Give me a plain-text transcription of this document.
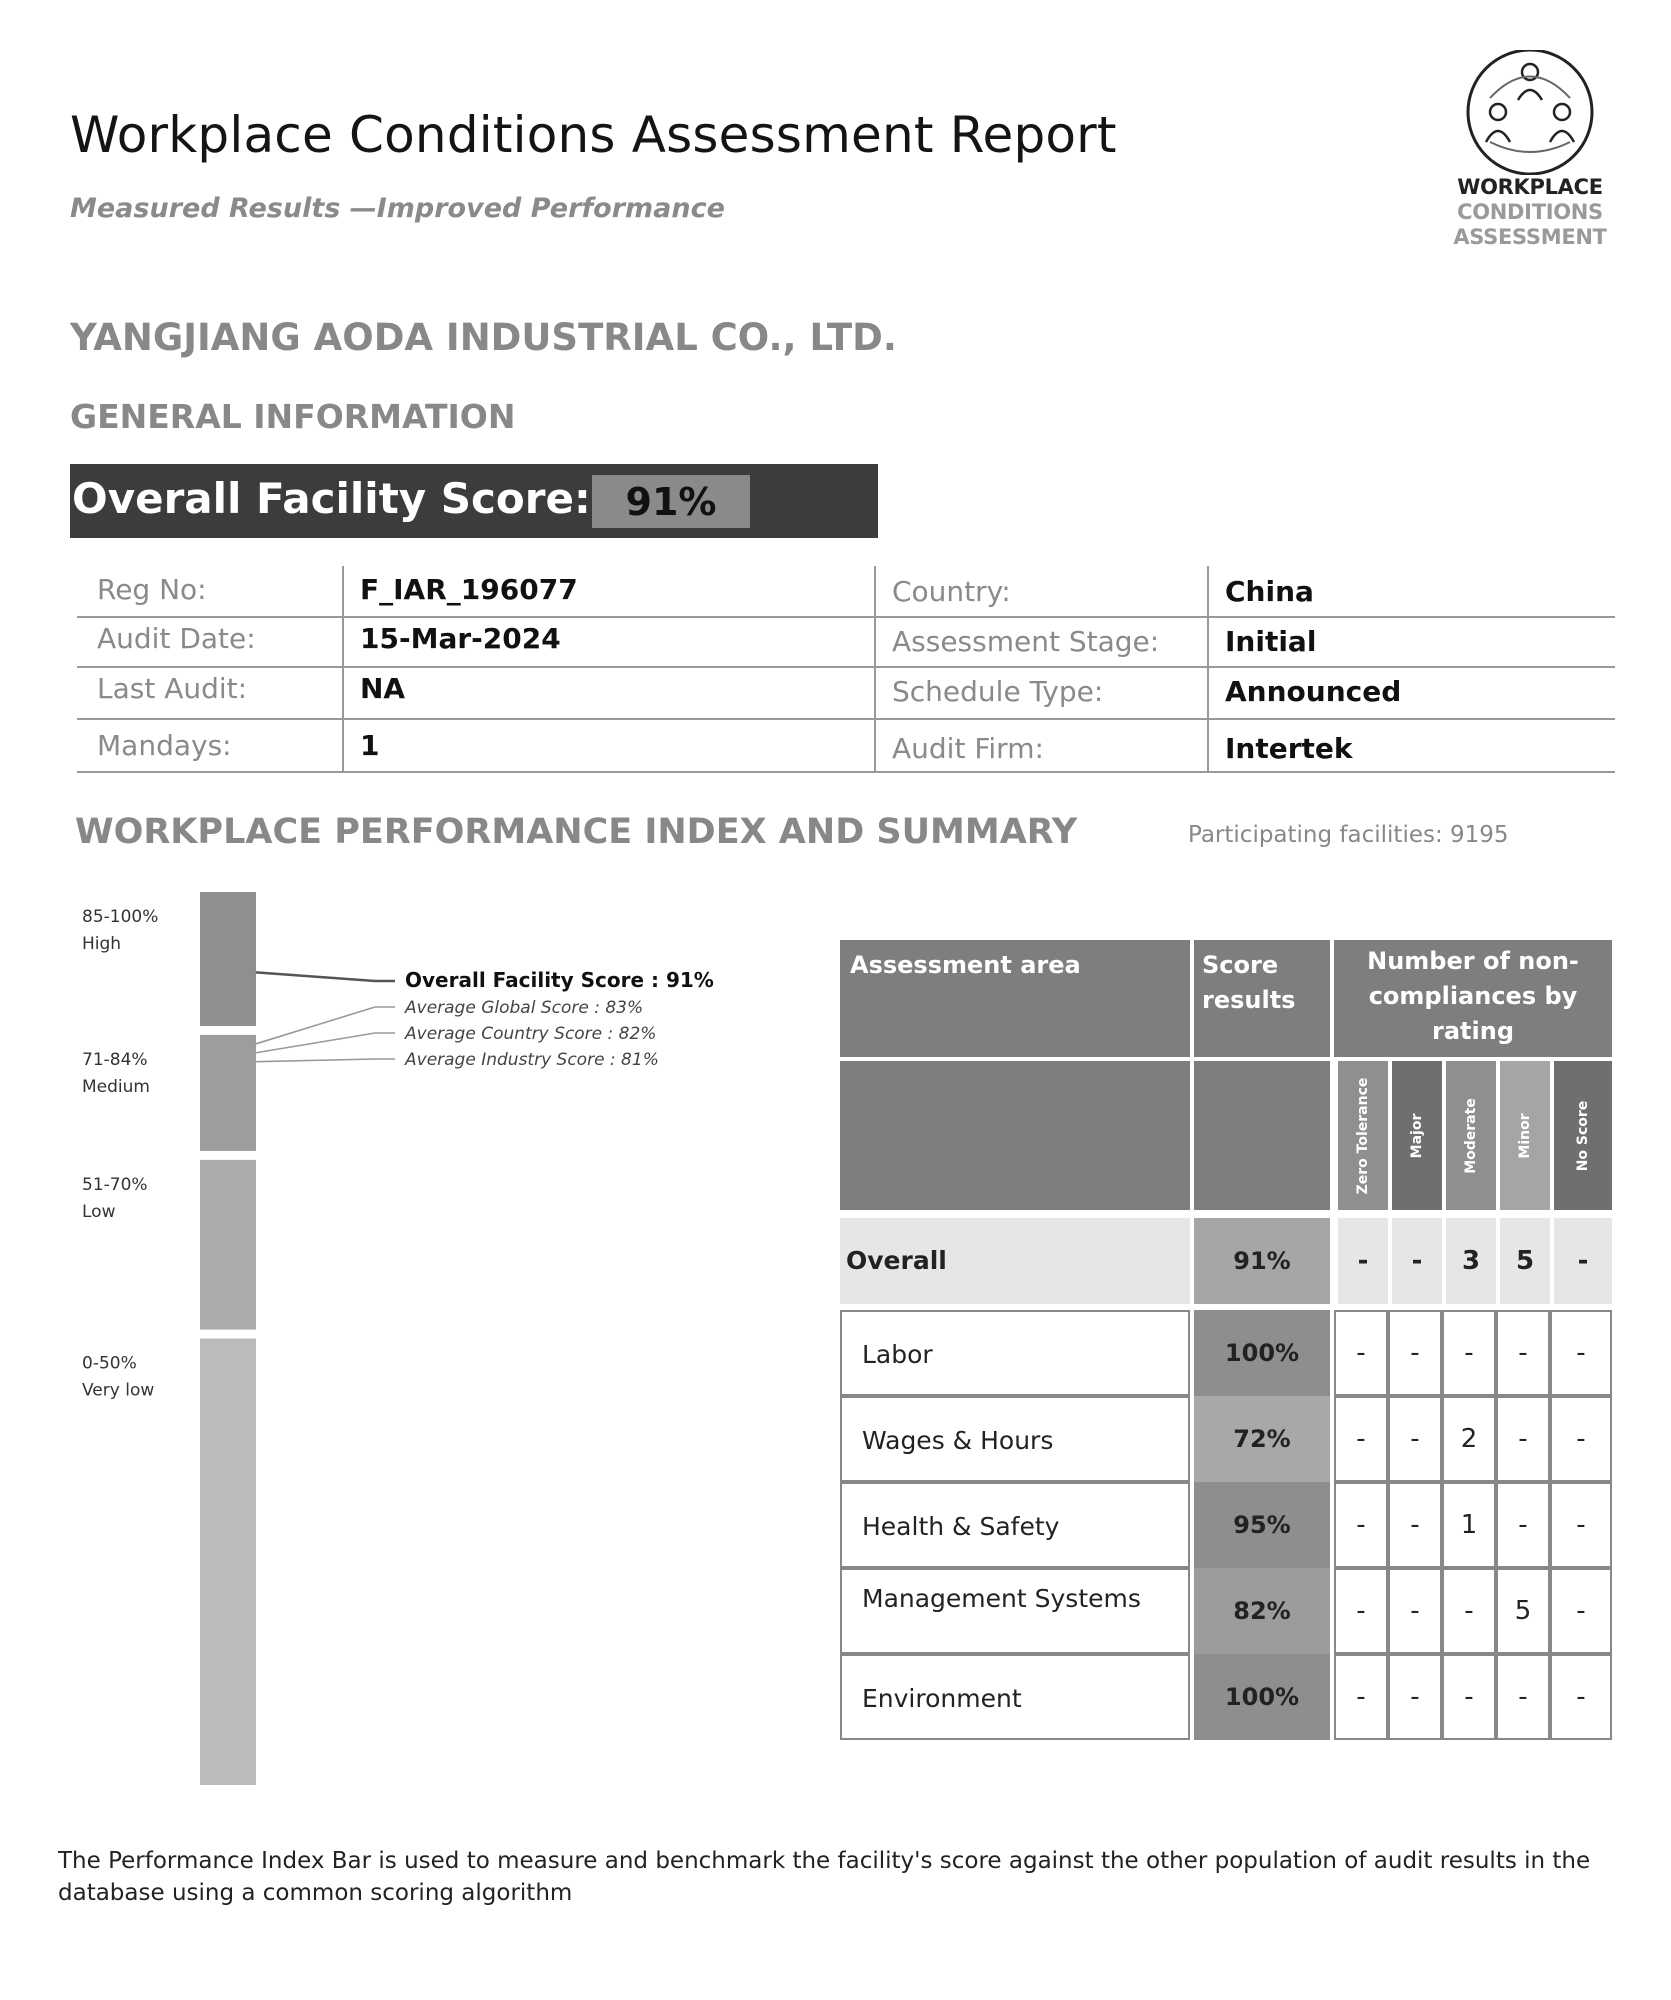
Workplace Conditions Assessment Report
Measured Results —Improved Performance
WORKPLACE
CONDITIONS
ASSESSMENT
YANGJIANG AODA INDUSTRIAL CO., LTD.
GENERAL INFORMATION
Overall Facility Score: 91%
Reg No:	F_IAR_196077	Country:	China
Audit Date:	15-Mar-2024	Assessment Stage: Initial
Last Audit:	NA	Schedule Type:	Announced
Mandays:	1	Audit Firm:	Intertek
WORKPLACE PERFORMANCE INDEX AND SUMMARY	Participating facilities: 9195
85-100%
High
71-84%
Medium
51-70%
Low
0-50%
Very low
Overall Facility Score : 91%
Average Global Score : 83%
Average Country Score : 82%
Average Industry Score : 81%
Assessment area	Score results
Number of non-compliances by rating
Zero Tolerance	Major	Moderate	Minor	No Score
Overall	91%	-	-	3	5	-
Labor	100%	-	-	-	-	-
Wages & Hours	72%	-	-	2	-	-
Health & Safety	95%	-	-	1	-	-
Management Systems	82%	-	-	-	5	-
Environment	100%	-	-	-	-	-
The Performance Index Bar is used to measure and benchmark the facility's score against the other population of audit results in the database using a common scoring algorithm
